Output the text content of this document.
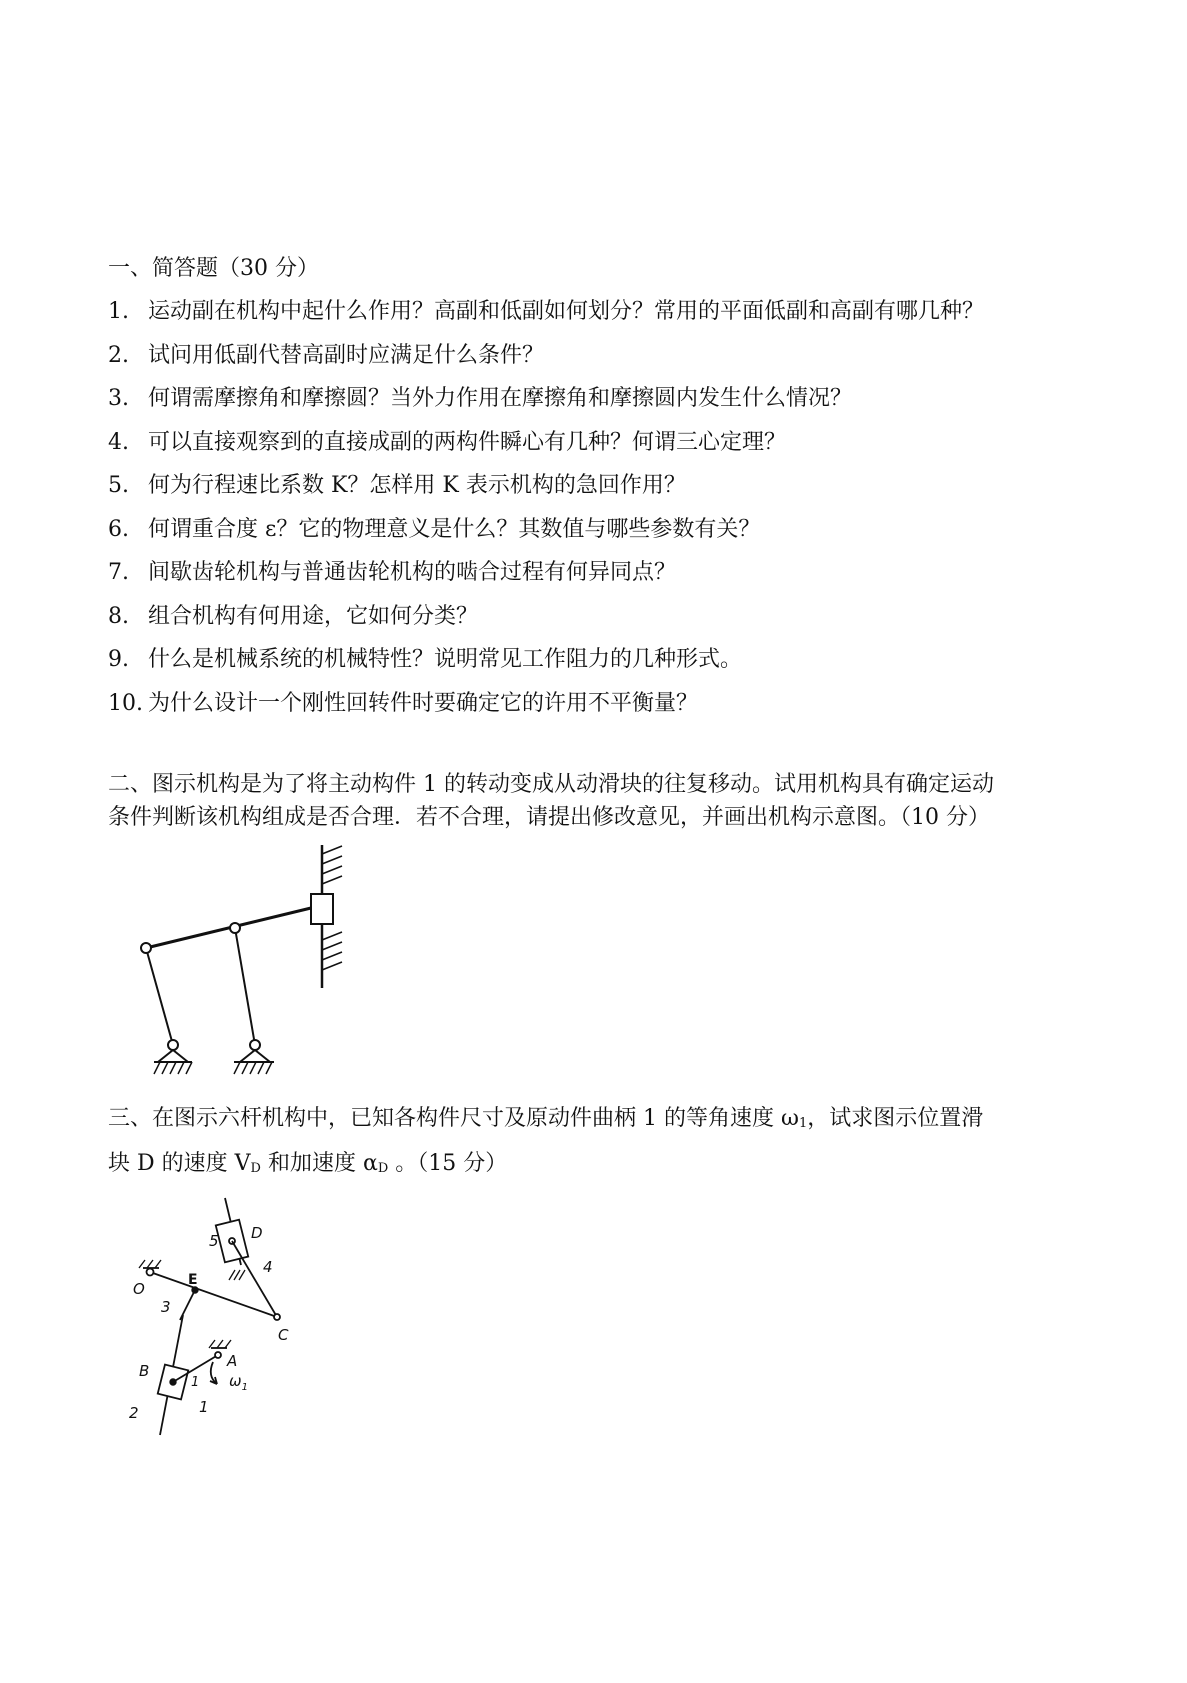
一、简答题（30 分）
1. 运动副在机构中起什么作用？高副和低副如何划分？常用的平面低副和高副有哪几种？
2. 试问用低副代替高副时应满足什么条件？
3. 何谓需摩擦角和摩擦圆？当外力作用在摩擦角和摩擦圆内发生什么情况？
4. 可以直接观察到的直接成副的两构件瞬心有几种？何谓三心定理？
5. 何为行程速比系数 K？怎样用 K 表示机构的急回作用？
6. 何谓重合度 ε？它的物理意义是什么？其数值与哪些参数有关？
7. 间歇齿轮机构与普通齿轮机构的啮合过程有何异同点？
8. 组合机构有何用途，它如何分类？
9. 什么是机械系统的机械特性？说明常见工作阻力的几种形式。
10. 为什么设计一个刚性回转件时要确定它的许用不平衡量？
二、图示机构是为了将主动构件 1 的转动变成从动滑块的往复移动。试用机构具有确定运动
条件判断该机构组成是否合理．若不合理，请提出修改意见，并画出机构示意图。（10 分）
三、在图示六杆机构中，已知各构件尺寸及原动件曲柄 1 的等角速度 ω1，试求图示位置滑
块 D 的速度 VD 和加速度 αD 。（15 分）
D
5
4
E
O
3
C
A
B
1 $\omega_1$
2	1
